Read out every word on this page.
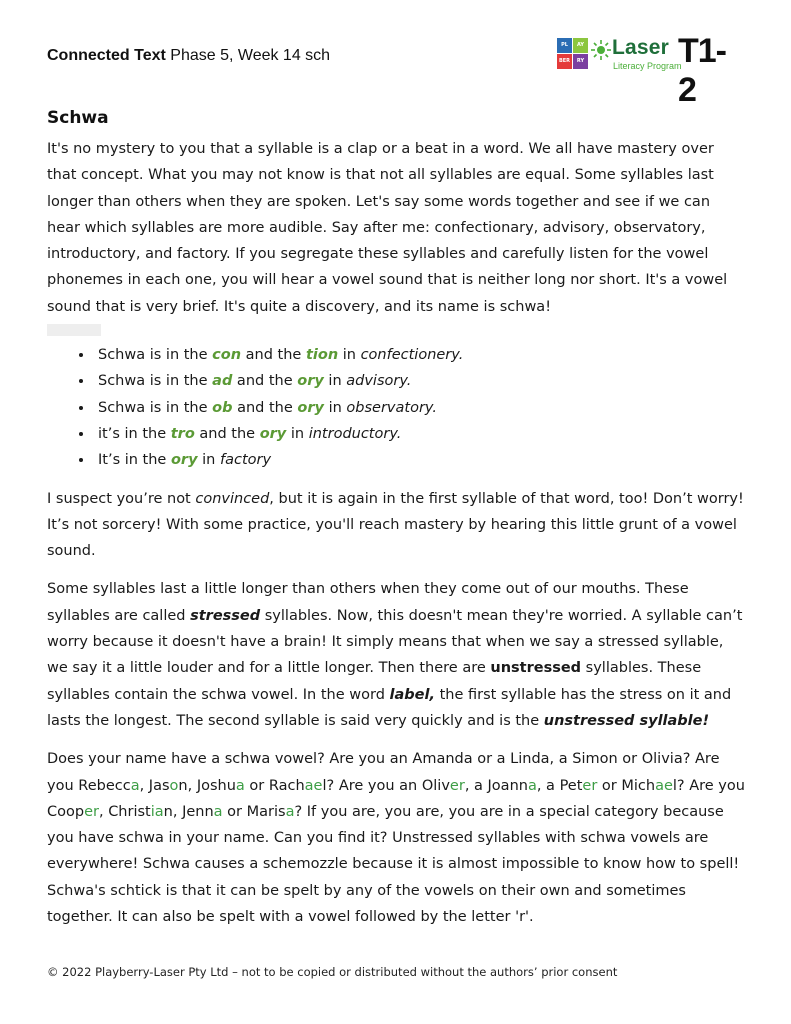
Connected Text Phase 5, Week 14 sch
PL	AY
BER	RY
Laser
Literacy Program
T1-2
Schwa

It's no mystery to you that a syllable is a clap or a beat in a word. We all have mastery over that concept. What you may not know is that not all syllables are equal. Some syllables last longer than others when they are spoken. Let's say some words together and see if we can hear which syllables are more audible. Say after me: confectionary, advisory, observatory, introductory, and factory. If you segregate these syllables and carefully listen for the vowel phonemes in each one, you will hear a vowel sound that is neither long nor short. It's a vowel sound that is very brief. It's quite a discovery, and its name is schwa!

• Schwa is in the con and the tion in confectionery.
• Schwa is in the ad and the ory in advisory.
• Schwa is in the ob and the ory in observatory.
• it’s in the tro and the ory in introductory.
• It’s in the ory in factory

I suspect you’re not convinced, but it is again in the first syllable of that word, too! Don’t worry! It’s not sorcery! With some practice, you'll reach mastery by hearing this little grunt of a vowel sound.

Some syllables last a little longer than others when they come out of our mouths. These syllables are called stressed syllables. Now, this doesn't mean they're worried. A syllable can’t worry because it doesn't have a brain! It simply means that when we say a stressed syllable, we say it a little louder and for a little longer. Then there are unstressed syllables. These syllables contain the schwa vowel. In the word label, the first syllable has the stress on it and lasts the longest. The second syllable is said very quickly and is the unstressed syllable!

Does your name have a schwa vowel? Are you an Amanda or a Linda, a Simon or Olivia? Are you Rebecca, Jason, Joshua or Rachael? Are you an Oliver, a Joanna, a Peter or Michael? Are you Cooper, Christian, Jenna or Marisa? If you are, you are, you are in a special category because you have schwa in your name. Can you find it? Unstressed syllables with schwa vowels are everywhere! Schwa causes a schemozzle because it is almost impossible to know how to spell! Schwa's schtick is that it can be spelt by any of the vowels on their own and sometimes together. It can also be spelt with a vowel followed by the letter 'r'.

© 2022 Playberry-Laser Pty Ltd – not to be copied or distributed without the authors’ prior consent
